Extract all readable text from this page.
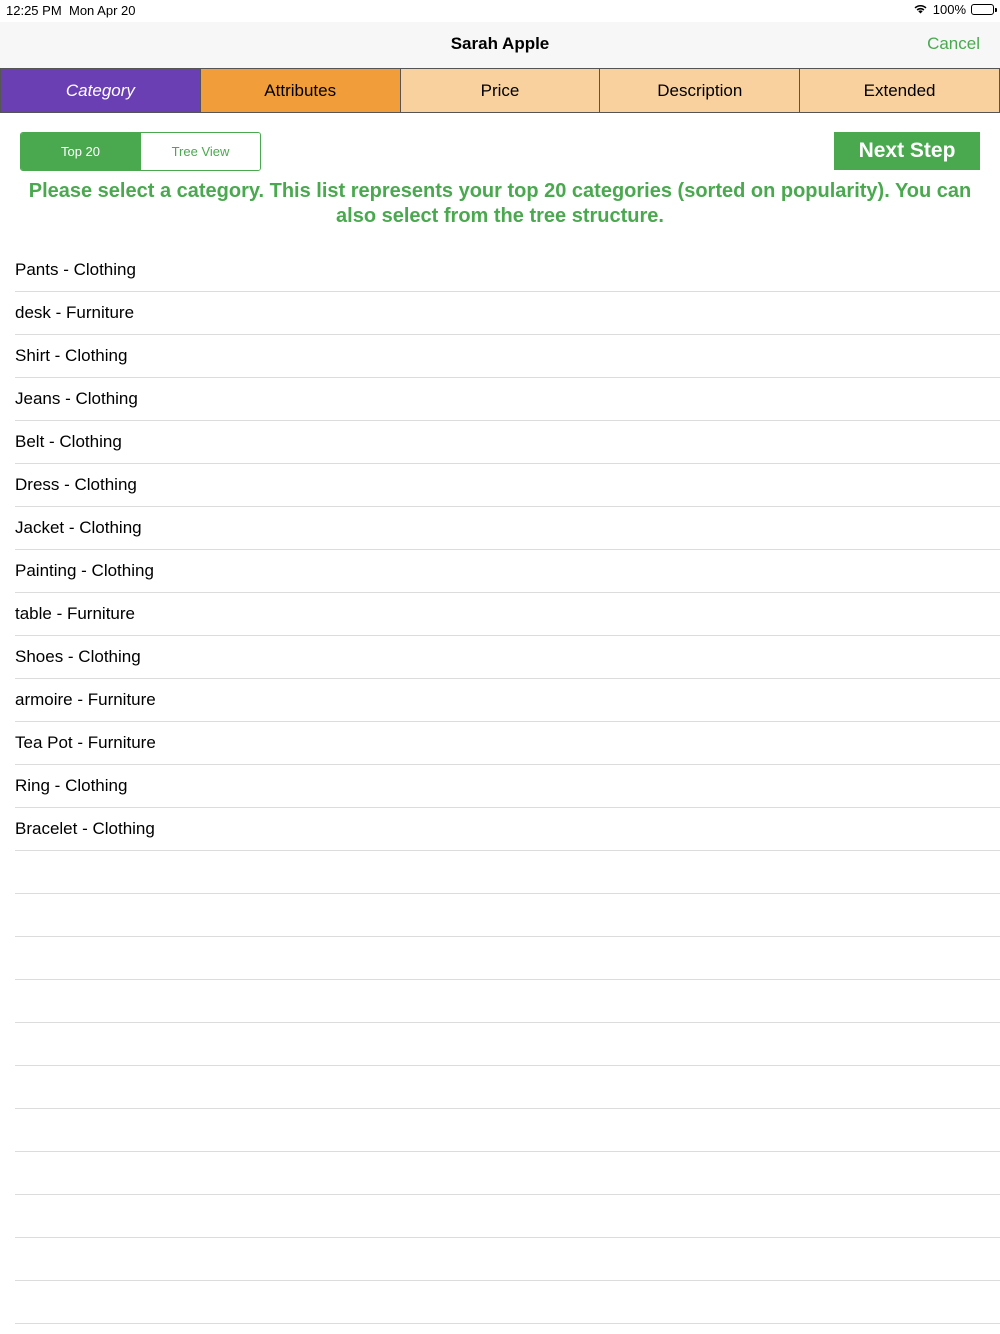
12:25 PM Mon Apr 20	100%
Sarah Apple	Cancel
Category	Attributes	Price	Description	Extended
Top 20	Tree View	Next Step
Please select a category. This list represents your top 20 categories (sorted on popularity). You can also select from the tree structure.
Pants - Clothing
desk - Furniture
Shirt - Clothing
Jeans - Clothing
Belt - Clothing
Dress - Clothing
Jacket - Clothing
Painting - Clothing
table - Furniture
Shoes - Clothing
armoire - Furniture
Tea Pot - Furniture
Ring - Clothing
Bracelet - Clothing
